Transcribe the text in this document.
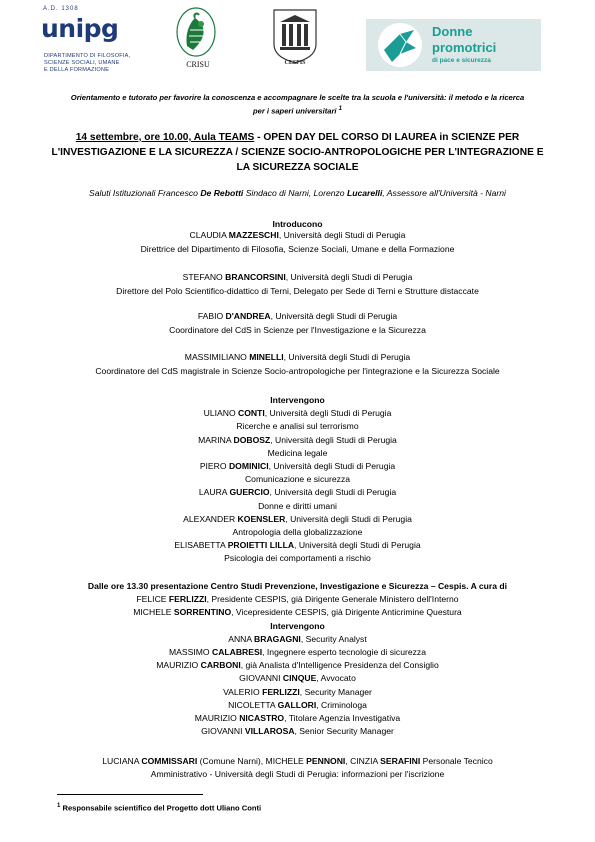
A.D. 1308
unipg
DIPARTIMENTO DI FILOSOFIA,
SCIENZE SOCIALI, UMANE
E DELLA FORMAZIONE
CRISU	CESPIS
Donne
promotrici
di pace e sicurezza
Orientamento e tutorato per favorire la conoscenza e accompagnare le scelte tra la scuola e l'università: il metodo e la ricerca
per i saperi universitari $^1$
14 settembre, ore 10.00, Aula TEAMS - OPEN DAY DEL CORSO DI LAUREA in SCIENZE PER
L'INVESTIGAZIONE E LA SICUREZZA / SCIENZE SOCIO-ANTROPOLOGICHE PER L'INTEGRAZIONE E
LA SICUREZZA SOCIALE
Saluti Istituzionali Francesco De Rebotti Sindaco di Narni, Lorenzo Lucarelli, Assessore all'Università - Narni
Introducono
CLAUDIA MAZZESCHI, Università degli Studi di Perugia
Direttrice del Dipartimento di Filosofia, Scienze Sociali, Umane e della Formazione
STEFANO BRANCORSINI, Università degli Studi di Perugia
Direttore del Polo Scientifico-didattico di Terni, Delegato per Sede di Terni e Strutture distaccate
FABIO D'ANDREA, Università degli Studi di Perugia
Coordinatore del CdS in Scienze per l'Investigazione e la Sicurezza
MASSIMILIANO MINELLI, Università degli Studi di Perugia
Coordinatore del CdS magistrale in Scienze Socio-antropologiche per l'integrazione e la Sicurezza Sociale
Intervengono
ULIANO CONTI, Università degli Studi di Perugia
Ricerche e analisi sul terrorismo
MARINA DOBOSZ, Università degli Studi di Perugia
Medicina legale
PIERO DOMINICI, Università degli Studi di Perugia
Comunicazione e sicurezza
LAURA GUERCIO, Università degli Studi di Perugia
Donne e diritti umani
ALEXANDER KOENSLER, Università degli Studi di Perugia
Antropologia della globalizzazione
ELISABETTA PROIETTI LILLA, Università degli Studi di Perugia
Psicologia dei comportamenti a rischio
Dalle ore 13.30 presentazione Centro Studi Prevenzione, Investigazione e Sicurezza – Cespis. A cura di
FELICE FERLIZZI, Presidente CESPIS, già Dirigente Generale Ministero dell'Interno
MICHELE SORRENTINO, Vicepresidente CESPIS, già Dirigente Anticrimine Questura
Intervengono
ANNA BRAGAGNI, Security Analyst
MASSIMO CALABRESI, Ingegnere esperto tecnologie di sicurezza
MAURIZIO CARBONI, già Analista d'Intelligence Presidenza del Consiglio
GIOVANNI CINQUE, Avvocato
VALERIO FERLIZZI, Security Manager
NICOLETTA GALLORI, Criminologa
MAURIZIO NICASTRO, Titolare Agenzia Investigativa
GIOVANNI VILLAROSA, Senior Security Manager
LUCIANA COMMISSARI (Comune Narni), MICHELE PENNONI, CINZIA SERAFINI Personale Tecnico
Amministrativo - Università degli Studi di Perugia: informazioni per l'iscrizione
$^1$ Responsabile scientifico del Progetto dott Uliano Conti
